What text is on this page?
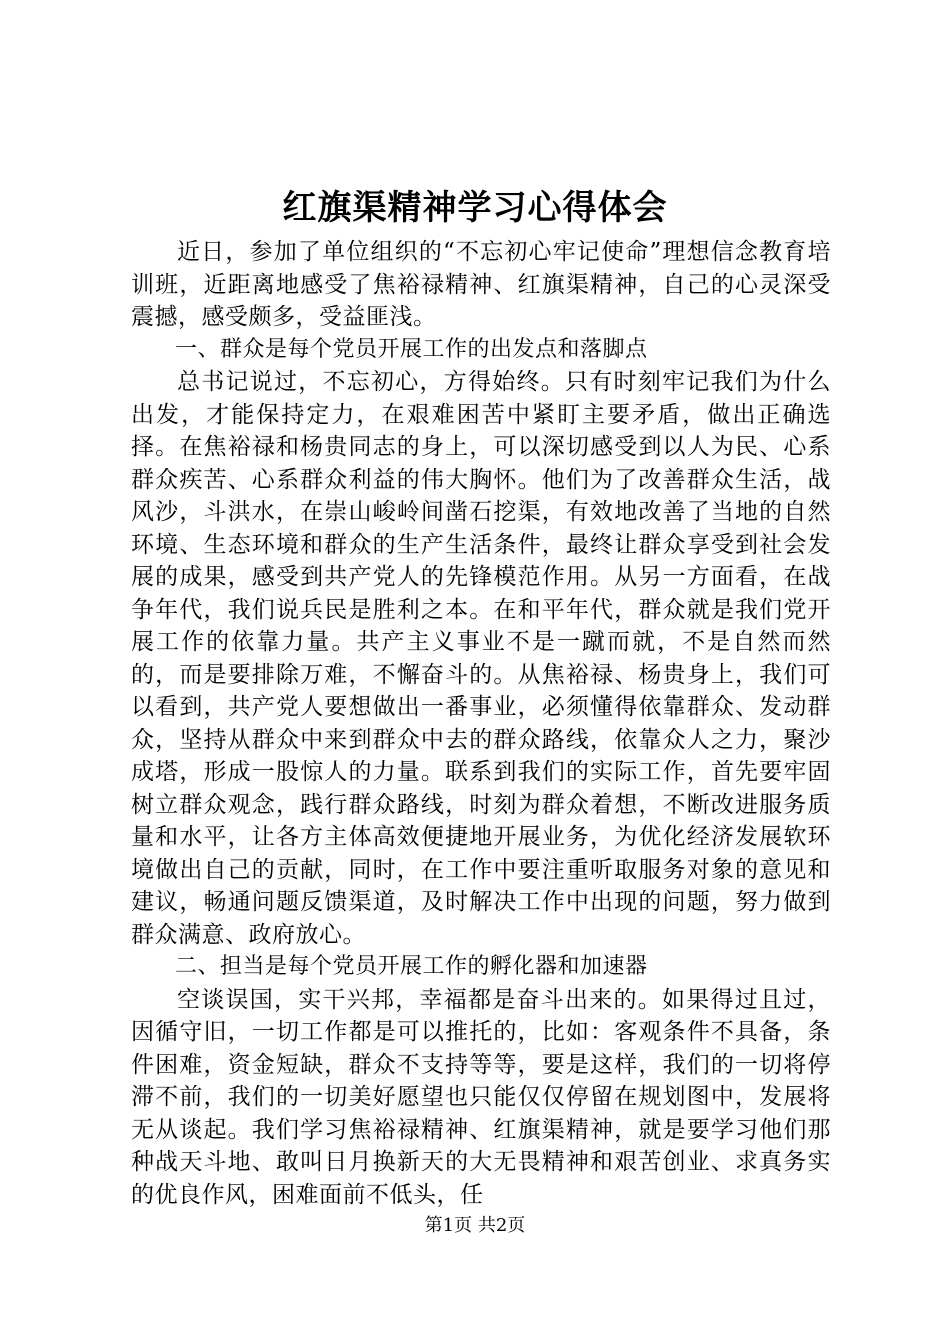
红旗渠精神学习心得体会

近日，参加了单位组织的“不忘初心牢记使命”理想信念教育培训班，近距离地感受了焦裕禄精神、红旗渠精神，自己的心灵深受震撼，感受颇多，受益匪浅。

一、群众是每个党员开展工作的出发点和落脚点

总书记说过，不忘初心，方得始终。只有时刻牢记我们为什么出发，才能保持定力，在艰难困苦中紧盯主要矛盾，做出正确选择。在焦裕禄和杨贵同志的身上，可以深切感受到以人为民、心系群众疾苦、心系群众利益的伟大胸怀。他们为了改善群众生活，战风沙，斗洪水，在崇山峻岭间凿石挖渠，有效地改善了当地的自然环境、生态环境和群众的生产生活条件，最终让群众享受到社会发展的成果，感受到共产党人的先锋模范作用。从另一方面看，在战争年代，我们说兵民是胜利之本。在和平年代，群众就是我们党开展工作的依靠力量。共产主义事业不是一蹴而就，不是自然而然的，而是要排除万难，不懈奋斗的。从焦裕禄、杨贵身上，我们可以看到，共产党人要想做出一番事业，必须懂得依靠群众、发动群众，坚持从群众中来到群众中去的群众路线，依靠众人之力，聚沙成塔，形成一股惊人的力量。联系到我们的实际工作，首先要牢固树立群众观念，践行群众路线，时刻为群众着想，不断改进服务质量和水平，让各方主体高效便捷地开展业务，为优化经济发展软环境做出自己的贡献，同时，在工作中要注重听取服务对象的意见和建议，畅通问题反馈渠道，及时解决工作中出现的问题，努力做到群众满意、政府放心。

二、担当是每个党员开展工作的孵化器和加速器

空谈误国，实干兴邦，幸福都是奋斗出来的。如果得过且过，因循守旧，一切工作都是可以推托的，比如：客观条件不具备，条件困难，资金短缺，群众不支持等等，要是这样，我们的一切将停滞不前，我们的一切美好愿望也只能仅仅停留在规划图中，发展将无从谈起。我们学习焦裕禄精神、红旗渠精神，就是要学习他们那种战天斗地、敢叫日月换新天的大无畏精神和艰苦创业、求真务实的优良作风，困难面前不低头，任

第1页 共2页
